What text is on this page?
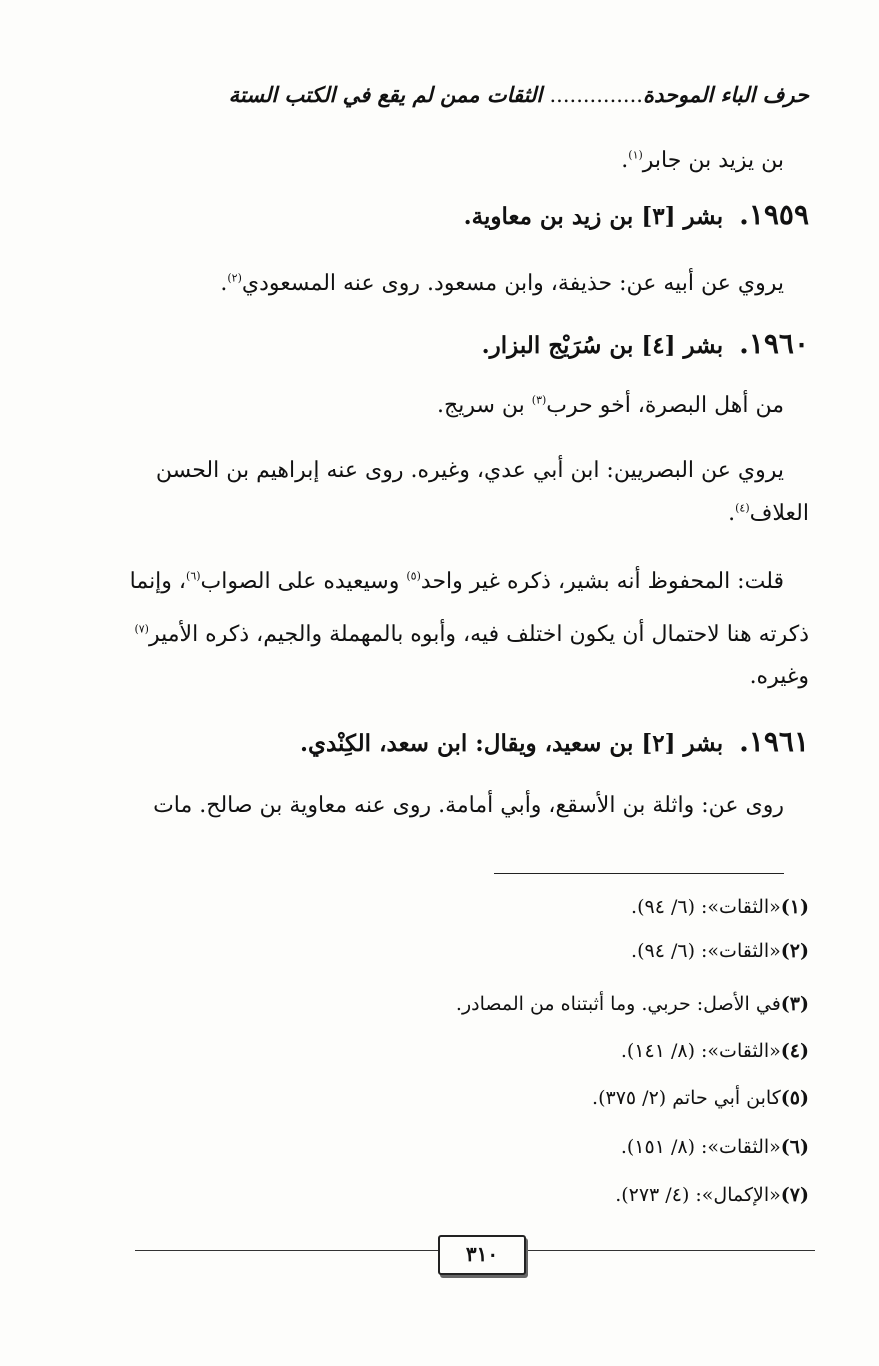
حرف الباء الموحدة.............. الثقات ممن لم يقع في الكتب الستة
بن يزيد بن جابر$^{(١)}$.
١٩٥٩.بشر [٣] بن زيد بن معاوية.
يروي عن أبيه عن: حذيفة، وابن مسعود. روى عنه المسعودي$^{(٢)}$.
١٩٦٠.بشر [٤] بن سُرَيْج البزار.
من أهل البصرة، أخو حرب$^{(٣)}$ بن سريج.
يروي عن البصريين: ابن أبي عدي، وغيره. روى عنه إبراهيم بن الحسن
العلاف$^{(٤)}$.
قلت: المحفوظ أنه بشير، ذكره غير واحد$^{(٥)}$ وسيعيده على الصواب$^{(٦)}$، وإنما
ذكرته هنا لاحتمال أن يكون اختلف فيه، وأبوه بالمهملة والجيم، ذكره الأمير$^{(٧)}$
وغيره.
١٩٦١.بشر [٢] بن سعيد، ويقال: ابن سعد، الكِنْدي.
روى عن: واثلة بن الأسقع، وأبي أمامة. روى عنه معاوية بن صالح. مات
(١)«الثقات»: (٦/ ٩٤).
(٢)«الثقات»: (٦/ ٩٤).
(٣)في الأصل: حربي. وما أثبتناه من المصادر.
(٤)«الثقات»: (٨/ ١٤١).
(٥)كابن أبي حاتم (٢/ ٣٧٥).
(٦)«الثقات»: (٨/ ١٥١).
(٧)«الإكمال»: (٤/ ٢٧٣).
٣١٠
